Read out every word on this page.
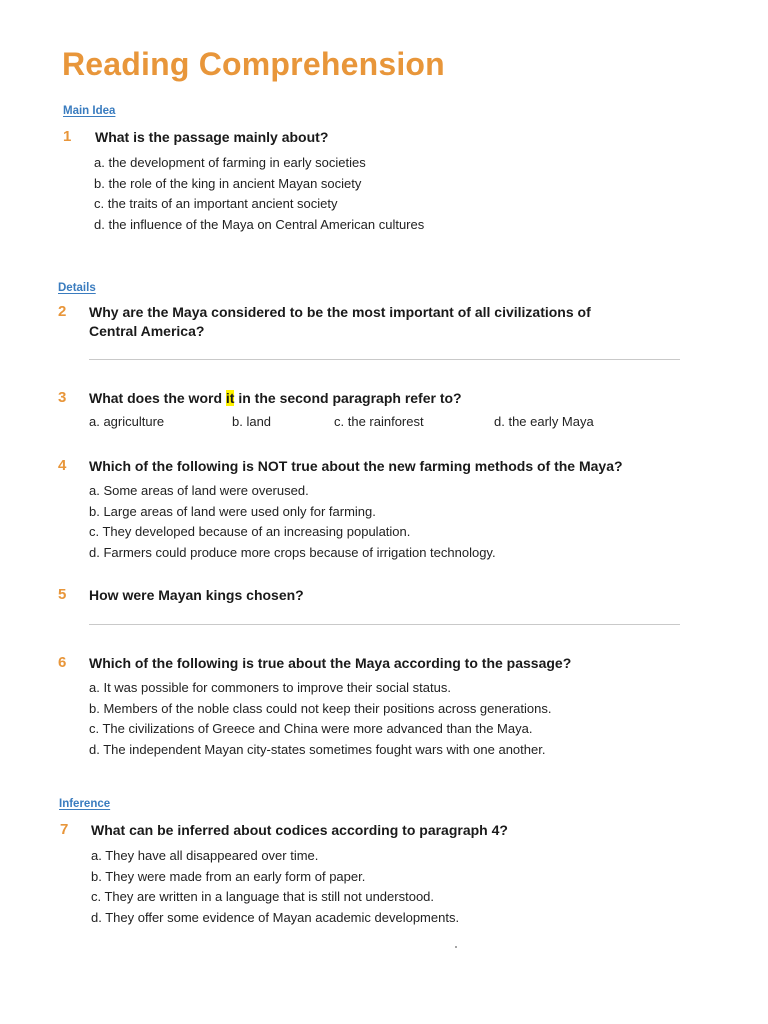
Reading Comprehension
Main Idea
1 What is the passage mainly about?
a. the development of farming in early societies
b. the role of the king in ancient Mayan society
c. the traits of an important ancient society
d. the influence of the Maya on Central American cultures
Details
2 Why are the Maya considered to be the most important of all civilizations of
Central America?
3 What does the word it in the second paragraph refer to?
a. agriculture	b. land	c. the rainforest	d. the early Maya
4 Which of the following is NOT true about the new farming methods of the Maya?
a. Some areas of land were overused.
b. Large areas of land were used only for farming.
c. They developed because of an increasing population.
d. Farmers could produce more crops because of irrigation technology.
5 How were Mayan kings chosen?
6 Which of the following is true about the Maya according to the passage?
a. It was possible for commoners to improve their social status.
b. Members of the noble class could not keep their positions across generations.
c. The civilizations of Greece and China were more advanced than the Maya.
d. The independent Mayan city-states sometimes fought wars with one another.
Inference
7 What can be inferred about codices according to paragraph 4?
a. They have all disappeared over time.
b. They were made from an early form of paper.
c. They are written in a language that is still not understood.
d. They offer some evidence of Mayan academic developments.
